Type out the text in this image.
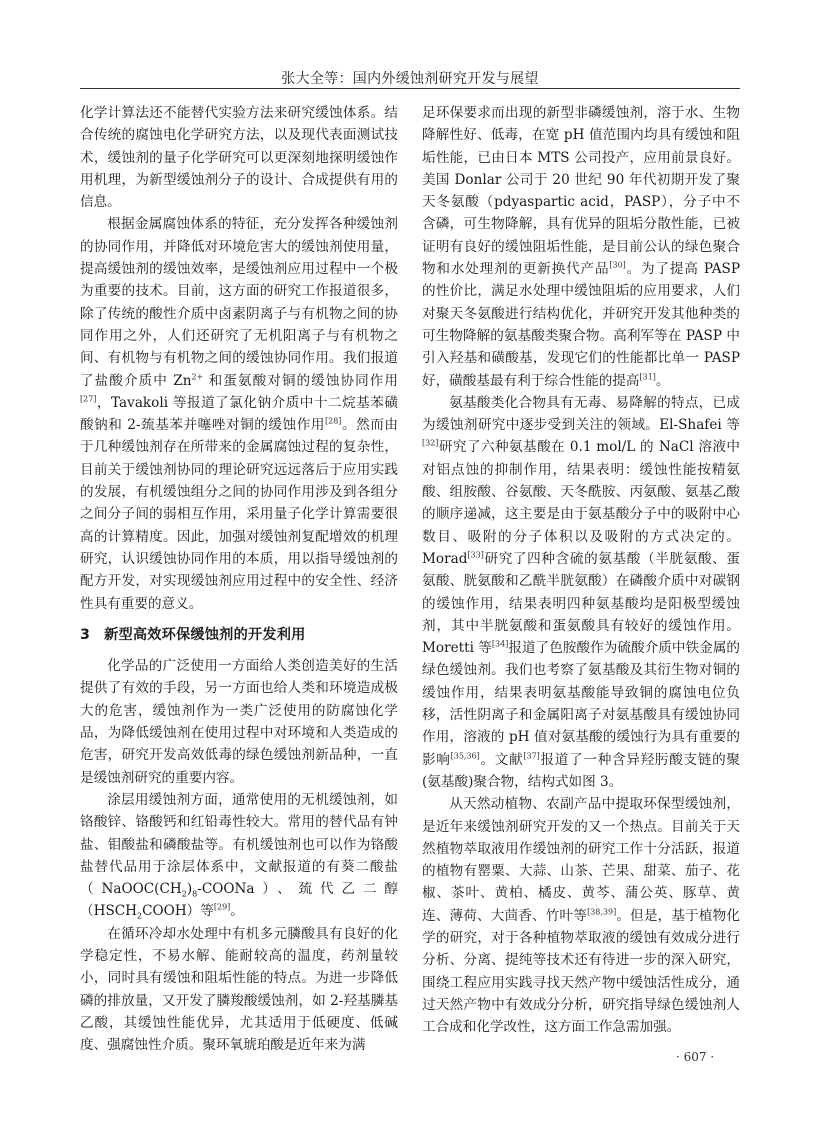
张大全等：国内外缓蚀剂研究开发与展望

化学计算法还不能替代实验方法来研究缓蚀体系。结合传统的腐蚀电化学研究方法，以及现代表面测试技术，缓蚀剂的量子化学研究可以更深刻地探明缓蚀作用机理，为新型缓蚀剂分子的设计、合成提供有用的信息。

根据金属腐蚀体系的特征，充分发挥各种缓蚀剂的协同作用，并降低对环境危害大的缓蚀剂使用量，提高缓蚀剂的缓蚀效率，是缓蚀剂应用过程中一个极为重要的技术。目前，这方面的研究工作报道很多，除了传统的酸性介质中卤素阴离子与有机物之间的协同作用之外，人们还研究了无机阳离子与有机物之间、有机物与有机物之间的缓蚀协同作用。我们报道了盐酸介质中 $Zn^{2+}$ 和蛋氨酸对铜的缓蚀协同作用[27]，Tavakoli 等报道了氯化钠介质中十二烷基苯磺酸钠和 2-巯基苯并噻唑对铜的缓蚀作用[28]。然而由于几种缓蚀剂存在所带来的金属腐蚀过程的复杂性，目前关于缓蚀剂协同的理论研究远远落后于应用实践的发展，有机缓蚀组分之间的协同作用涉及到各组分之间分子间的弱相互作用，采用量子化学计算需要很高的计算精度。因此，加强对缓蚀剂复配增效的机理研究，认识缓蚀协同作用的本质，用以指导缓蚀剂的配方开发，对实现缓蚀剂应用过程中的安全性、经济性具有重要的意义。

3 新型高效环保缓蚀剂的开发利用

化学品的广泛使用一方面给人类创造美好的生活提供了有效的手段，另一方面也给人类和环境造成极大的危害，缓蚀剂作为一类广泛使用的防腐蚀化学品，为降低缓蚀剂在使用过程中对环境和人类造成的危害，研究开发高效低毒的绿色缓蚀剂新品种，一直是缓蚀剂研究的重要内容。

涂层用缓蚀剂方面，通常使用的无机缓蚀剂，如铬酸锌、铬酸钙和红铅毒性较大。常用的替代品有钟盐、钼酸盐和磷酸盐等。有机缓蚀剂也可以作为铬酸盐替代品用于涂层体系中，文献报道的有葵二酸盐$(NaOOC(CH_2)_8-COONa)$、巯代乙二醇$(HSCH_2COOH)$等[29]。

在循环冷却水处理中有机多元膦酸具有良好的化学稳定性，不易水解、能耐较高的温度，药剂量较小，同时具有缓蚀和阻垢性能的特点。为进一步降低磷的排放量，又开发了膦羧酸缓蚀剂，如 2-羟基膦基乙酸，其缓蚀性能优异，尤其适用于低硬度、低碱度、强腐蚀性介质。聚环氧琥珀酸是近年来为满

足环保要求而出现的新型非磷缓蚀剂，溶于水、生物降解性好、低毒，在宽 pH 值范围内均具有缓蚀和阻垢性能，已由日本 MTS 公司投产，应用前景良好。美国 Donlar 公司于 20 世纪 90 年代初期开发了聚天冬氨酸（pdyaspartic acid，PASP），分子中不含磷，可生物降解，具有优异的阻垢分散性能，已被证明有良好的缓蚀阻垢性能，是目前公认的绿色聚合物和水处理剂的更新换代产品[30]。为了提高 PASP 的性价比，满足水处理中缓蚀阻垢的应用要求，人们对聚天冬氨酸进行结构优化，并研究开发其他种类的可生物降解的氨基酸类聚合物。高利军等在 PASP 中引入羟基和磺酸基，发现它们的性能都比单一 PASP 好，磺酸基最有利于综合性能的提高[31]。

氨基酸类化合物具有无毒、易降解的特点，已成为缓蚀剂研究中逐步受到关注的领域。El-Shafei 等[32]研究了六种氨基酸在 0.1 mol/L 的 NaCl 溶液中对铝点蚀的抑制作用，结果表明：缓蚀性能按精氨酸、组胺酸、谷氨酸、天冬酰胺、丙氨酸、氨基乙酸的顺序递减，这主要是由于氨基酸分子中的吸附中心数目、吸附的分子体积以及吸附的方式决定的。Morad[33]研究了四种含硫的氨基酸（半胱氨酸、蛋氨酸、胱氨酸和乙酰半胱氨酸）在磷酸介质中对碳钢的缓蚀作用，结果表明四种氨基酸均是阳极型缓蚀剂，其中半胱氨酸和蛋氨酸具有较好的缓蚀作用。Moretti 等[34]报道了色胺酸作为硫酸介质中铁金属的绿色缓蚀剂。我们也考察了氨基酸及其衍生物对铜的缓蚀作用，结果表明氨基酸能导致铜的腐蚀电位负移，活性阴离子和金属阳离子对氨基酸具有缓蚀协同作用，溶液的 pH 值对氨基酸的缓蚀行为具有重要的影响[35,36]。文献[37]报道了一种含异羟肟酸支链的聚(氨基酸)聚合物，结构式如图 3。

从天然动植物、农副产品中提取环保型缓蚀剂，是近年来缓蚀剂研究开发的又一个热点。目前关于天然植物萃取液用作缓蚀剂的研究工作十分活跃，报道的植物有罂粟、大蒜、山茶、芒果、甜菜、茄子、花椒、茶叶、黄柏、橘皮、黄芩、蒲公英、豚草、黄连、薄荷、大茴香、竹叶等[38,39]。但是，基于植物化学的研究，对于各种植物萃取液的缓蚀有效成分进行分析、分离、提纯等技术还有待进一步的深入研究，围绕工程应用实践寻找天然产物中缓蚀活性成分，通过天然产物中有效成分分析，研究指导绿色缓蚀剂人工合成和化学改性，这方面工作急需加强。

· 607 ·
